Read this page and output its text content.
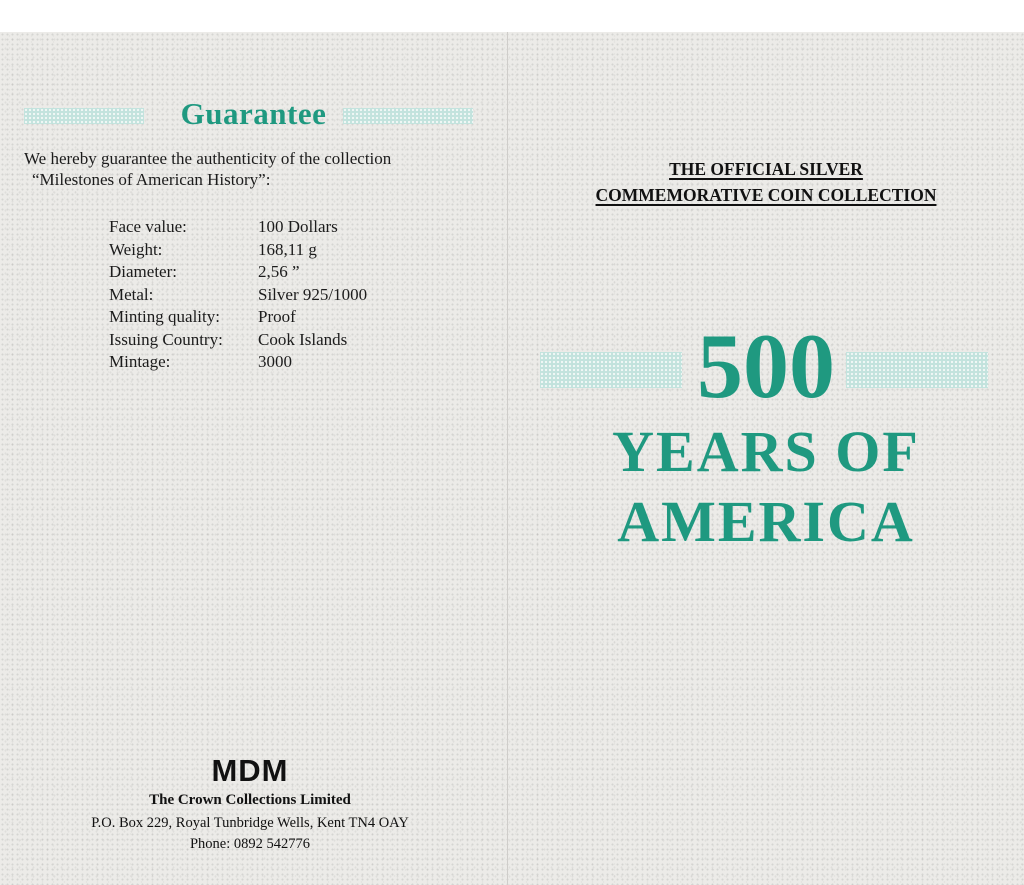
Guarantee
We hereby guarantee the authenticity of the collection
“Milestones of American History”:
Face value:	100 Dollars
Weight:	168,11 g
Diameter:	2,56 ”
Metal:	Silver 925/1000
Minting quality:	Proof
Issuing Country:	Cook Islands
Mintage:	3000
MDM
The Crown Collections Limited
P.O. Box 229, Royal Tunbridge Wells, Kent TN4 OAY
Phone: 0892 542776
THE OFFICIAL SILVER
COMMEMORATIVE COIN COLLECTION
500
YEARS OF
AMERICA
